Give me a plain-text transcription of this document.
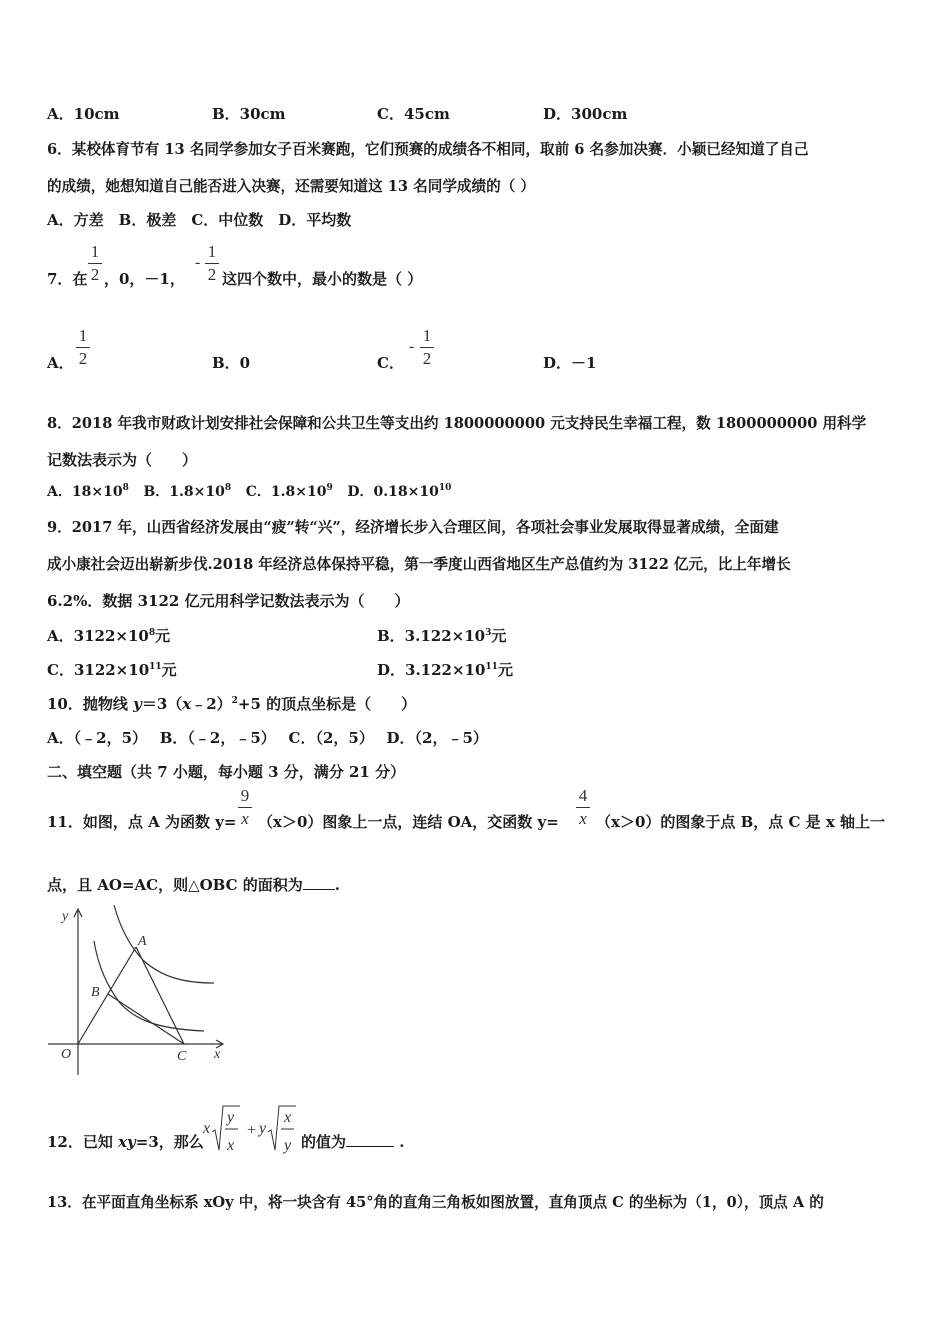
A．10cm	B．30cm	C．45cm	D．300cm
6．某校体育节有 13 名同学参加女子百米赛跑，它们预赛的成绩各不相同，取前 6 名参加决赛．小颖已经知道了自己
的成绩，她想知道自己能否进入决赛，还需要知道这 13 名同学成绩的（ ）
A．方差　B．极差　C．中位数　D．平均数
7．在
1
2 ，0，－1，
-
1
2 这四个数中，最小的数是（ ）
A．
1
2	B．0	C．
-
1
2	D．－1
8．2018 年我市财政计划安排社会保障和公共卫生等支出约 1800000000 元支持民生幸福工程，数 1800000000 用科学
记数法表示为（　　）
A．$18\times 10^8$ B．$1.8\times 10^8$ C．$1.8\times 10^9$ D．$0.18\times 10^{10}$
9．2017 年，山西省经济发展由“疲”转“兴”，经济增长步入合理区间，各项社会事业发展取得显著成绩，全面建
成小康社会迈出崭新步伐.2018 年经济总体保持平稳，第一季度山西省地区生产总值约为 3122 亿元，比上年增长
6.2%．数据 3122 亿元用科学记数法表示为（　　）
A．$3122\times 10^8$元	B．$3.122\times 10^3$元
C．$3122\times 10^{11}$元	D．$3.122\times 10^{11}$元
10．抛物线 y＝3（x﹣2）$^2$+5 的顶点坐标是（　　）
A．（﹣2，5）　 B．（﹣2，﹣5）　 C．（2，5）　 D．（2，﹣5）
二、填空题（共 7 小题，每小题 3 分，满分 21 分）
11．如图，点 A 为函数 y=
9
x （x＞0）图象上一点，连结 OA，交函数 y=
4
x （x＞0）的图象于点 B，点 C 是 x 轴上一
点，且 AO=AC，则△OBC 的面积为 .
y
x
O
A
B
C
12．已知 xy=3，那么
x
y
x
+ y
x
y 的值为	.
13．在平面直角坐标系 xOy 中，将一块含有 45°角的直角三角板如图放置，直角顶点 C 的坐标为（1，0），顶点 A 的
